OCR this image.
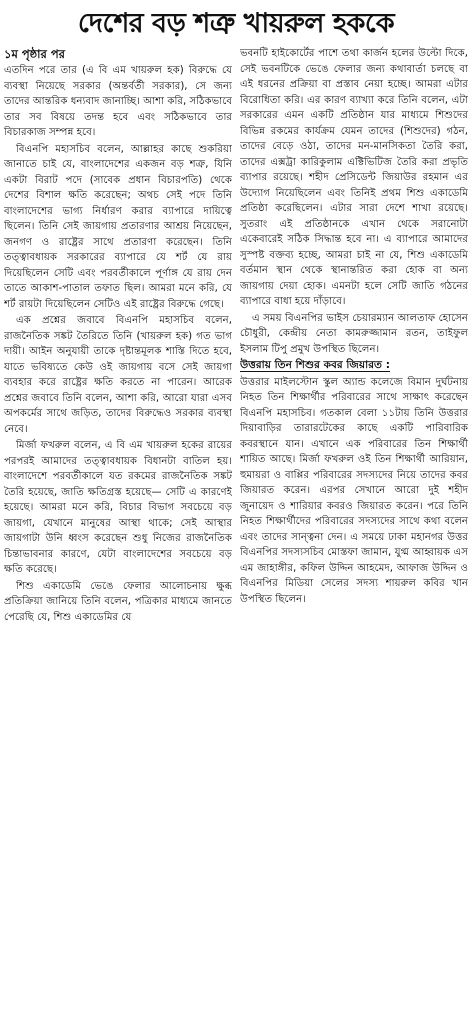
দেশের বড় শত্রু খায়রুল হককে
১ম পৃষ্ঠার পর

এতদিন পরে তার (এ বি এম খায়রুল হক) বিরুদ্ধে যে ব্যবস্থা নিয়েছে সরকার (অন্তর্বর্তী সরকার), সে জন্য তাদের আন্তরিক ধন্যবাদ জানাচ্ছি। আশা করি, সঠিকভাবে তার সব বিষয়ে তদন্ত হবে এবং সঠিকভাবে তার বিচারকাজ সম্পন্ন হবে।

বিএনপি মহাসচিব বলেন, আল্লাহর কাছে শুকরিয়া জানাতে চাই যে, বাংলাদেশের একজন বড় শত্রু, যিনি একটা বিরাট পদে (সাবেক প্রধান বিচারপতি) থেকে দেশের বিশাল ক্ষতি করেছেন; অথচ সেই পদে তিনি বাংলাদেশের ভাগ্য নির্ধারণ করার ব্যাপারে দায়িত্বে ছিলেন। তিনি সেই জায়গায় প্রতারণার আশ্রয় নিয়েছেন, জনগণ ও রাষ্ট্রের সাথে প্রতারণা করেছেন। তিনি তত্ত্বাবধায়ক সরকারের ব্যাপারে যে শর্ট যে রায় দিয়েছিলেন সেটি এবং পরবর্তীকালে পূর্ণাঙ্গ যে রায় দেন তাতে আকাশ-পাতাল তফাত ছিল। আমরা মনে করি, যে শর্ট রায়টা দিয়েছিলেন সেটিও এই রাষ্ট্রের বিরুদ্ধে গেছে।

এক প্রশ্নের জবাবে বিএনপি মহাসচিব বলেন, রাজনৈতিক সঙ্কট তৈরিতে তিনি (খায়রুল হক) গত ভাগ দায়ী। আইন অনুযায়ী তাকে দৃষ্টান্তমূলক শাস্তি দিতে হবে, যাতে ভবিষ্যতে কেউ ওই জায়গায় বসে সেই জায়গা ব্যবহার করে রাষ্ট্রের ক্ষতি করতে না পারেন। আরেক প্রশ্নের জবাবে তিনি বলেন, আশা করি, আরো যারা এসব অপকর্মের সাথে জড়িত, তাদের বিরুদ্ধেও সরকার ব্যবস্থা নেবে।

মির্জা ফখরুল বলেন, এ বি এম খায়রুল হকের রায়ের পরপরই আমাদের তত্ত্বাবধায়ক বিধানটা বাতিল হয়। বাংলাদেশে পরবর্তীকালে যত রকমের রাজনৈতিক সঙ্কট তৈরি হয়েছে, জাতি ক্ষতিগ্রস্ত হয়েছে— সেটি এ কারণেই হয়েছে। আমরা মনে করি, বিচার বিভাগ সবচেয়ে বড় জায়গা, যেখানে মানুষের আস্থা থাকে; সেই আস্থার জায়গাটা উনি ধ্বংস করেছেন শুধু নিজের রাজনৈতিক চিন্তাভাবনার কারণে, যেটা বাংলাদেশের সবচেয়ে বড় ক্ষতি করেছে।

শিশু একাডেমি ভেঙে ফেলার আলোচনায় ক্ষুব্ধ প্রতিক্রিয়া জানিয়ে তিনি বলেন, পত্রিকার মাধ্যমে জানতে পেরেছি যে, শিশু একাডেমির যে

ভবনটি হাইকোর্টের পাশে তথা কার্জন হলের উল্টো দিকে, সেই ভবনটিকে ভেঙে ফেলার জন্য কথাবার্তা চলছে বা এই ধরনের প্রক্রিয়া বা প্রস্তাব নেয়া হচ্ছে। আমরা এটার বিরোধিতা করি। এর কারণ ব্যাখ্যা করে তিনি বলেন, এটা সরকারের এমন একটি প্রতিষ্ঠান যার মাধ্যমে শিশুদের বিভিন্ন রকমের কার্যক্রম যেমন তাদের (শিশুদের) গঠন, তাদের বেড়ে ওঠা, তাদের মন-মানসিকতা তৈরি করা, তাদের এক্সট্রা কারিকুলাম এক্টিভিটিজ তৈরি করা প্রভৃতি ব্যাপার রয়েছে। শহীদ প্রেসিডেন্ট জিয়াউর রহমান এর উদ্যোগ নিয়েছিলেন এবং তিনিই প্রথম শিশু একাডেমি প্রতিষ্ঠা করেছিলেন। এটার সারা দেশে শাখা রয়েছে। সুতরাং এই প্রতিষ্ঠানকে এখান থেকে সরানোটা একেবারেই সঠিক সিদ্ধান্ত হবে না। এ ব্যাপারে আমাদের সুস্পষ্ট বক্তব্য হচ্ছে, আমরা চাই না যে, শিশু একাডেমি বর্তমান স্থান থেকে স্থানান্তরিত করা হোক বা অন্য জায়গায় দেয়া হোক। এমনটা হলে সেটি জাতি গঠনের ব্যাপারে বাধা হয়ে দাঁড়াবে।

এ সময় বিএনপির ভাইস চেয়ারম্যান আলতাফ হোসেন চৌধুরী, কেন্দ্রীয় নেতা কামরুজ্জামান রতন, তাইফুল ইসলাম টিপু প্রমুখ উপস্থিত ছিলেন।

উত্তরায় তিন শিশুর কবর জিয়ারত :

উত্তরার মাইলস্টোন স্কুল অ্যান্ড কলেজে বিমান দুর্ঘটনায় নিহত তিন শিক্ষার্থীর পরিবারের সাথে সাক্ষাৎ করেছেন বিএনপি মহাসচিব। গতকাল বেলা ১১টায় তিনি উত্তরার দিয়াবাড়ির তারারটেকের কাছে একটি পারিবারিক কবরস্থানে যান। এখানে এক পরিবারের তিন শিক্ষার্থী শায়িত আছে। মির্জা ফখরুল ওই তিন শিক্ষার্থী আরিয়ান, হুমায়রা ও বাপ্পির পরিবারের সদস্যদের নিয়ে তাদের কবর জিয়ারত করেন। এরপর সেখানে আরো দুই শহীদ জুনায়েদ ও শারিয়ার কবরও জিয়ারত করেন। পরে তিনি নিহত শিক্ষার্থীদের পরিবারের সদস্যদের সাথে কথা বলেন এবং তাদের সান্ত্বনা দেন। এ সময়ে ঢাকা মহানগর উত্তর বিএনপির সদস্যসচিব মোস্তফা জামান, যুগ্ম আহ্বায়ক এস এম জাহাঙ্গীর, কফিল উদ্দিন আহমেদ, আফাজ উদ্দিন ও বিএনপির মিডিয়া সেলের সদস্য শায়রুল কবির খান উপস্থিত ছিলেন।
